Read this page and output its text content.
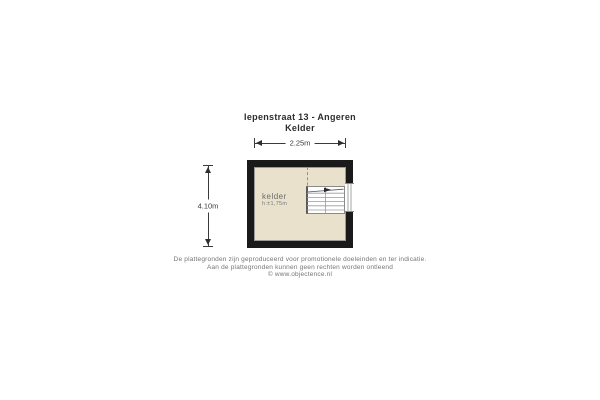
Iepenstraat 13 - Angeren
Kelder
2.25m
4.10m
kelder
h:±1,75m
De plattegronden zijn geproduceerd voor promotionele doeleinden en ter indicatie.
Aan de plattegronden kunnen geen rechten worden ontleend
© www.objectence.nl
